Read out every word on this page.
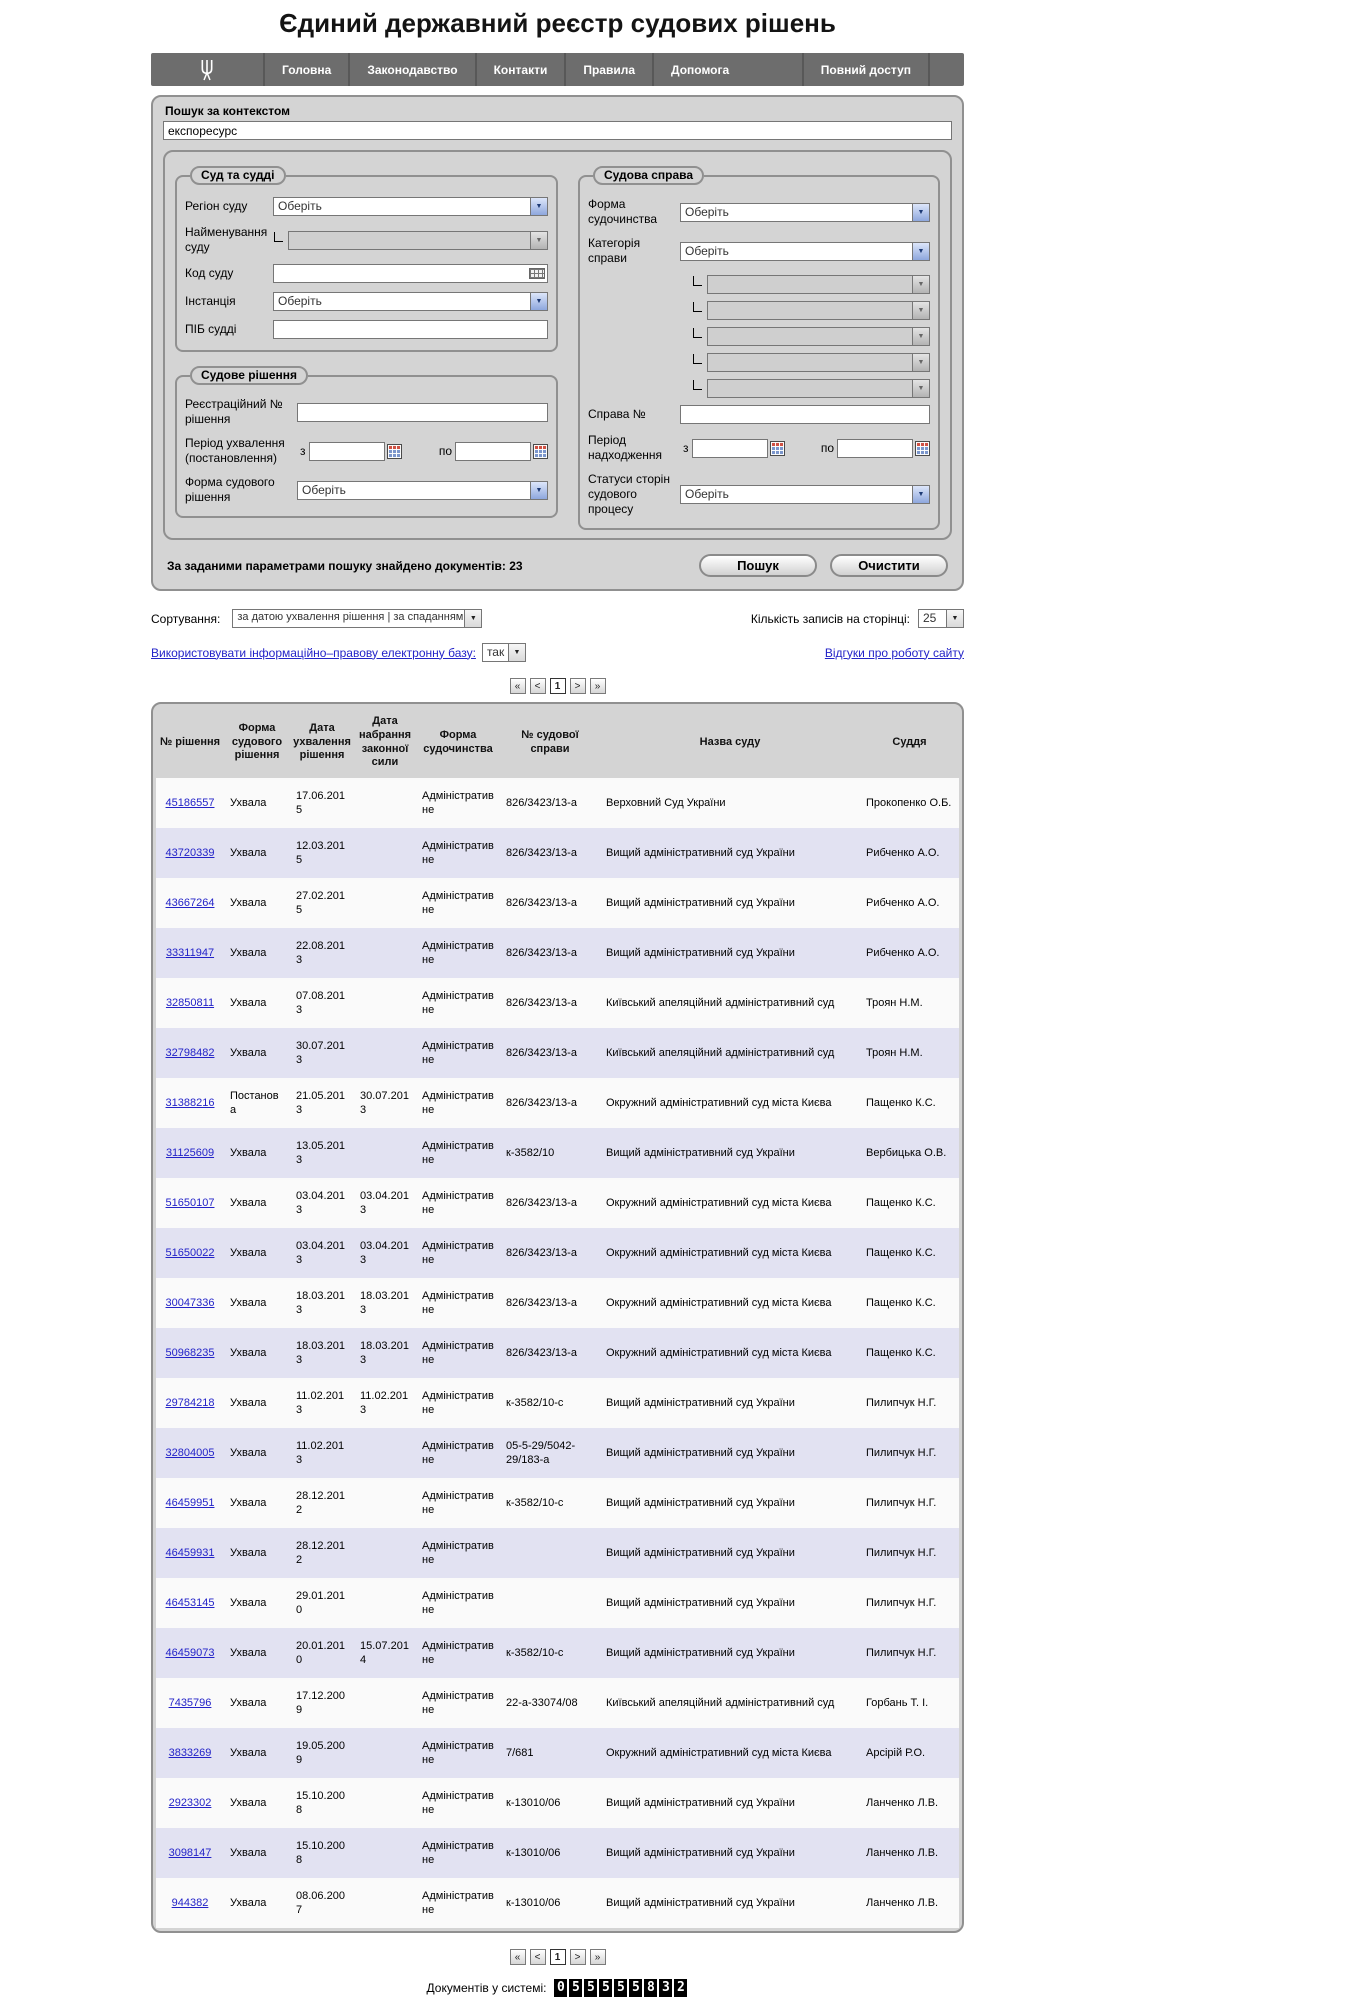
Єдиний державний реєстр судових рішень
Головна	Законодавство	Контакти	Правила	Допомога	Повний доступ
Пошук за контекстом
експоресурс
Суд та судді
Регіон суду	Оберіть
▼
Найменування суду
▼
Код суду
Інстанція	Оберіть
▼
ПІБ судді
Судове рішення
Реєстраційний № рішення
Період ухвалення (постановлення)	з	по
Форма судового рішення
Оберіть
▼
Судова справа
Форма судочинства
Оберіть
▼
Категорія справи
Оберіть
▼
▼
▼
▼
▼
▼
Справа №
Період надходження	з	по
Статуси сторін судового процесу
Оберіть
▼
За заданими параметрами пошуку знайдено документів: 23	Пошук	Очистити
Сортування:	за датою ухвалення рішення | за спаданням ▼	Кількість записів на сторінці:	25
▼
Використовувати інформаційно–правову електронну базу: так ▼	Відгуки про роботу сайту
«	<	1	>	»
№ рішення	Форма судового рішення	Дата ухвалення рішення	Дата набрання законної сили	Форма судочинства	№ судової справи	Назва суду	Суддя
45186557	Ухвала	17.06.2015		Адміністративне	826/3423/13-а	Верховний Суд України	Прокопенко О.Б.
43720339	Ухвала	12.03.2015		Адміністративне	826/3423/13-а	Вищий адміністративний суд України	Рибченко А.О.
43667264	Ухвала	27.02.2015		Адміністративне	826/3423/13-а	Вищий адміністративний суд України	Рибченко А.О.
33311947	Ухвала	22.08.2013		Адміністративне	826/3423/13-а	Вищий адміністративний суд України	Рибченко А.О.
32850811	Ухвала	07.08.2013		Адміністративне	826/3423/13-а	Київський апеляційний адміністративний суд	Троян Н.М.
32798482	Ухвала	30.07.2013		Адміністративне	826/3423/13-а	Київський апеляційний адміністративний суд	Троян Н.М.
31388216	Постанова	21.05.2013	30.07.2013	Адміністративне	826/3423/13-а	Окружний адміністративний суд міста Києва	Пащенко К.С.
31125609	Ухвала	13.05.2013		Адміністративне	к-3582/10	Вищий адміністративний суд України	Вербицька О.В.
51650107	Ухвала	03.04.2013	03.04.2013	Адміністративне	826/3423/13-а	Окружний адміністративний суд міста Києва	Пащенко К.С.
51650022	Ухвала	03.04.2013	03.04.2013	Адміністративне	826/3423/13-а	Окружний адміністративний суд міста Києва	Пащенко К.С.
30047336	Ухвала	18.03.2013	18.03.2013	Адміністративне	826/3423/13-а	Окружний адміністративний суд міста Києва	Пащенко К.С.
50968235	Ухвала	18.03.2013	18.03.2013	Адміністративне	826/3423/13-а	Окружний адміністративний суд міста Києва	Пащенко К.С.
29784218	Ухвала	11.02.2013	11.02.2013	Адміністративне	к-3582/10-с	Вищий адміністративний суд України	Пилипчук Н.Г.
32804005	Ухвала	11.02.2013		Адміністративне	05-5-29/5042-29/183-а	Вищий адміністративний суд України	Пилипчук Н.Г.
46459951	Ухвала	28.12.2012		Адміністративне	к-3582/10-с	Вищий адміністративний суд України	Пилипчук Н.Г.
46459931	Ухвала	28.12.2012		Адміністративне		Вищий адміністративний суд України	Пилипчук Н.Г.
46453145	Ухвала	29.01.2010		Адміністративне		Вищий адміністративний суд України	Пилипчук Н.Г.
46459073	Ухвала	20.01.2010	15.07.2014	Адміністративне	к-3582/10-с	Вищий адміністративний суд України	Пилипчук Н.Г.
7435796	Ухвала	17.12.2009		Адміністративне	22-а-33074/08	Київський апеляційний адміністративний суд	Горбань Т. І.
3833269	Ухвала	19.05.2009		Адміністративне	7/681	Окружний адміністративний суд міста Києва	Арсірій Р.О.
2923302	Ухвала	15.10.2008		Адміністративне	к-13010/06	Вищий адміністративний суд України	Ланченко Л.В.
3098147	Ухвала	15.10.2008		Адміністративне	к-13010/06	Вищий адміністративний суд України	Ланченко Л.В.
944382	Ухвала	08.06.2007		Адміністративне	к-13010/06	Вищий адміністративний суд України	Ланченко Л.В.
«	<	1	>	»
Документів у системі: 0 5 5 5 5 5 8 3 2
